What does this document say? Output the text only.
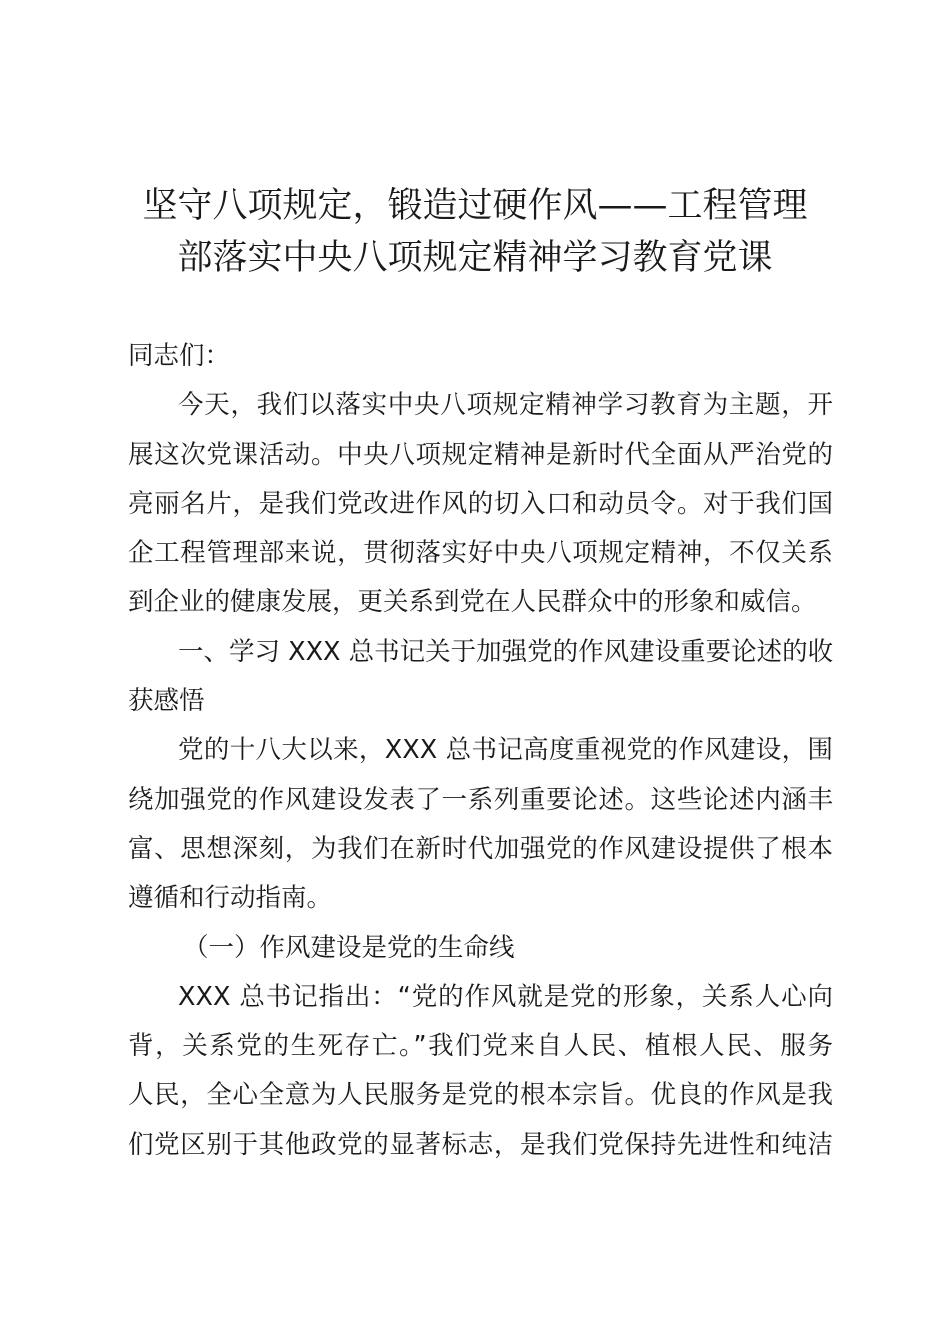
坚守八项规定，锻造过硬作风——工程管理
部落实中央八项规定精神学习教育党课
同志们：
今天，我们以落实中央八项规定精神学习教育为主题，开
展这次党课活动。中央八项规定精神是新时代全面从严治党的
亮丽名片，是我们党改进作风的切入口和动员令。对于我们国
企工程管理部来说，贯彻落实好中央八项规定精神，不仅关系
到企业的健康发展，更关系到党在人民群众中的形象和威信。
一、学习 XXX 总书记关于加强党的作风建设重要论述的收
获感悟
党的十八大以来，XXX 总书记高度重视党的作风建设，围
绕加强党的作风建设发表了一系列重要论述。这些论述内涵丰
富、思想深刻，为我们在新时代加强党的作风建设提供了根本
遵循和行动指南。
（一）作风建设是党的生命线
XXX 总书记指出：“党的作风就是党的形象，关系人心向
背，关系党的生死存亡。”我们党来自人民、植根人民、服务
人民，全心全意为人民服务是党的根本宗旨。优良的作风是我
们党区别于其他政党的显著标志，是我们党保持先进性和纯洁
